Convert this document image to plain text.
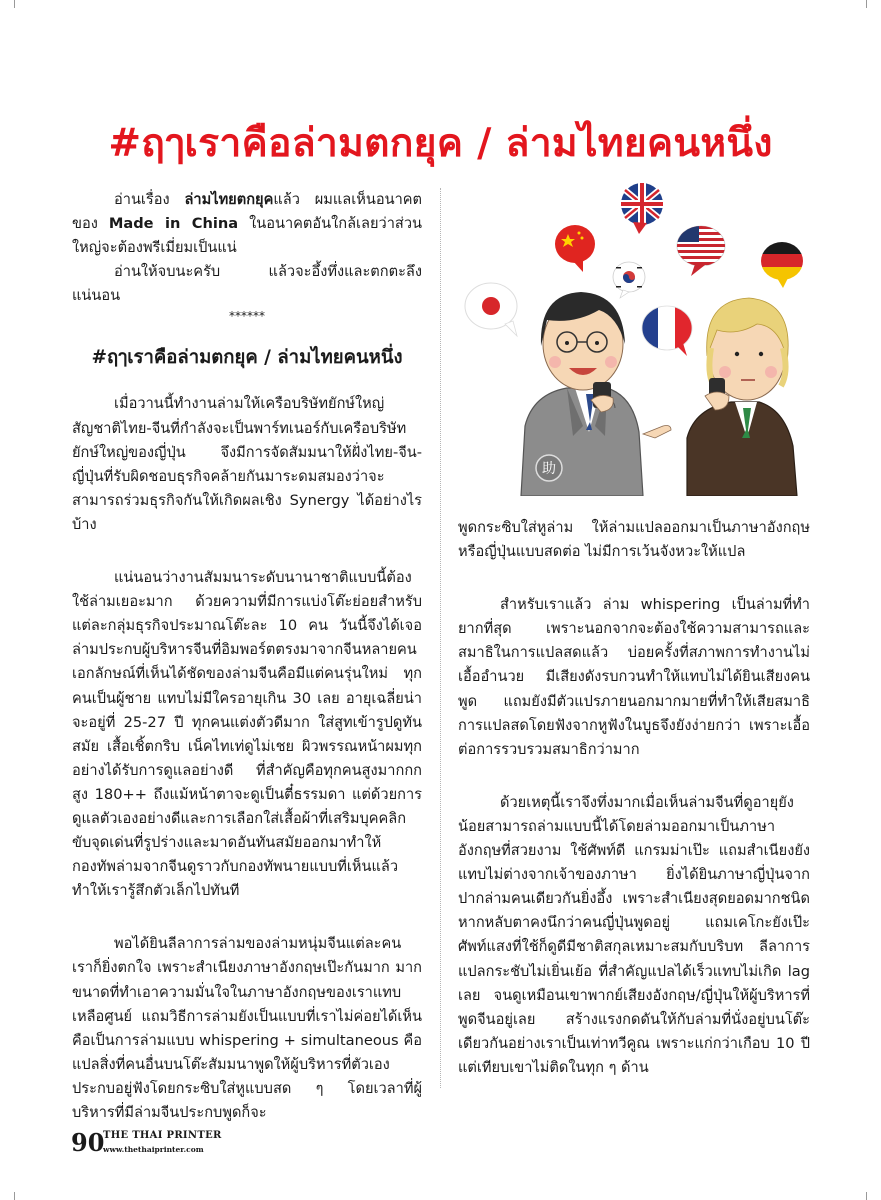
#ฤๅเราคือล่ามตกยุค / ล่ามไทยคนหนึ่ง

อ่านเรื่อง ล่ามไทยตกยุคแล้ว ผมแลเห็นอนาคตของ Made in China ในอนาคตอันใกล้เลยว่าส่วนใหญ่จะต้องพรีเมี่ยมเป็นแน่

อ่านให้จบนะครับ แล้วจะอึ้งทึ่งและตกตะลึงแน่นอน

******

#ฤๅเราคือล่ามตกยุค / ล่ามไทยคนหนึ่ง

เมื่อวานนี้ทำงานล่ามให้เครือบริษัทยักษ์ใหญ่สัญชาติไทย-จีนที่กำลังจะเป็นพาร์ทเนอร์กับเครือบริษัทยักษ์ใหญ่ของญี่ปุ่น จึงมีการจัดสัมมนาให้ฝั่งไทย-จีน-ญี่ปุ่นที่รับผิดชอบธุรกิจคล้ายกันมาระดมสมองว่าจะสามารถร่วมธุรกิจกันให้เกิดผลเชิง Synergy ได้อย่างไรบ้าง

แน่นอนว่างานสัมมนาระดับนานาชาติแบบนี้ต้องใช้ล่ามเยอะมาก ด้วยความที่มีการแบ่งโต๊ะย่อยสำหรับแต่ละกลุ่มธุรกิจประมาณโต๊ะละ 10 คน วันนี้จึงได้เจอล่ามประกบผู้บริหารจีนที่อิมพอร์ตตรงมาจากจีนหลายคน เอกลักษณ์ที่เห็นได้ชัดของล่ามจีนคือมีแต่คนรุ่นใหม่ ทุกคนเป็นผู้ชาย แทบไม่มีใครอายุเกิน 30 เลย อายุเฉลี่ยน่าจะอยู่ที่ 25-27 ปี ทุกคนแต่งตัวดีมาก ใส่สูทเข้ารูปดูทันสมัย เสื้อเชิ้ตกริบ เน็คไทเท่ดูไม่เชย ผิวพรรณหน้าผมทุกอย่างได้รับการดูแลอย่างดี ที่สำคัญคือทุกคนสูงมากกก สูง 180++ ถึงแม้หน้าตาจะดูเป็นตี๋ธรรมดา แต่ด้วยการดูแลตัวเองอย่างดีและการเลือกใส่เสื้อผ้าที่เสริมบุคคลิก ขับจุดเด่นที่รูปร่างและมาดอันทันสมัยออกมาทำให้กองทัพล่ามจากจีนดูราวกับกองทัพนายแบบที่เห็นแล้วทำให้เรารู้สึกตัวเล็กไปทันที

พอได้ยินลีลาการล่ามของล่ามหนุ่มจีนแต่ละคนเราก็ยิ่งตกใจ เพราะสำเนียงภาษาอังกฤษเป๊ะกันมาก มากขนาดที่ทำเอาความมั่นใจในภาษาอังกฤษของเราแทบเหลือศูนย์ แถมวิธีการล่ามยังเป็นแบบที่เราไม่ค่อยได้เห็นคือเป็นการล่ามแบบ whispering + simultaneous คือแปลสิ่งที่คนอื่นบนโต๊ะสัมมนาพูดให้ผู้บริหารที่ตัวเองประกบอยู่ฟังโดยกระซิบใส่หูแบบสด ๆ โดยเวลาที่ผู้บริหารที่มีล่ามจีนประกบพูดก็จะ

พูดกระซิบใส่หูล่าม ให้ล่ามแปลออกมาเป็นภาษาอังกฤษหรือญี่ปุ่นแบบสดต่อ ไม่มีการเว้นจังหวะให้แปล

สำหรับเราแล้ว ล่าม whispering เป็นล่ามที่ทำยากที่สุด เพราะนอกจากจะต้องใช้ความสามารถและสมาธิในการแปลสดแล้ว บ่อยครั้งที่สภาพการทำงานไม่เอื้ออำนวย มีเสียงดังรบกวนทำให้แทบไม่ได้ยินเสียงคนพูด แถมยังมีตัวแปรภายนอกมากมายที่ทำให้เสียสมาธิ การแปลสดโดยฟังจากหูฟังในบูธจึงยังง่ายกว่า เพราะเอื้อต่อการรวบรวมสมาธิกว่ามาก

ด้วยเหตุนี้เราจึงทึ่งมากเมื่อเห็นล่ามจีนที่ดูอายุยังน้อยสามารถล่ามแบบนี้ได้โดยล่ามออกมาเป็นภาษาอังกฤษที่สวยงาม ใช้ศัพท์ดี แกรมม่าเป๊ะ แถมสำเนียงยังแทบไม่ต่างจากเจ้าของภาษา ยิ่งได้ยินภาษาญี่ปุ่นจากปากล่ามคนเดียวกันยิ่งอึ้ง เพราะสำเนียงสุดยอดมากชนิดหากหลับตาคงนึกว่าคนญี่ปุ่นพูดอยู่ แถมเคโกะยังเป๊ะ ศัพท์แสงที่ใช้ก็ดูดีมีชาติสกุลเหมาะสมกับบริบท ลีลาการแปลกระชับไม่เยิ่นเย้อ ที่สำคัญแปลได้เร็วแทบไม่เกิด lag เลย จนดูเหมือนเขาพากย์เสียงอังกฤษ/ญี่ปุ่นให้ผู้บริหารที่พูดจีนอยู่เลย สร้างแรงกดดันให้กับล่ามที่นั่งอยู่บนโต๊ะเดียวกันอย่างเราเป็นเท่าทวีคูณ เพราะแก่กว่าเกือบ 10 ปีแต่เทียบเขาไม่ติดในทุก ๆ ด้าน

助
90
THE THAI PRINTER
www.thethaiprinter.com
